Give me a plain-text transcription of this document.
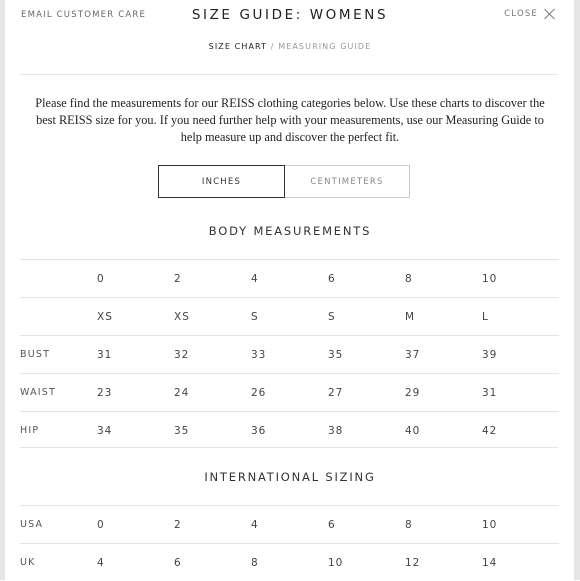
EMAIL CUSTOMER CARE	SIZE GUIDE: WOMENS	CLOSE
SIZE CHART / MEASURING GUIDE
Please find the measurements for our REISS clothing categories below. Use these charts to discover the best REISS size for you. If you need further help with your measurements, use our Measuring Guide to help measure up and discover the perfect fit.
INCHES	CENTIMETERS
BODY MEASUREMENTS
	0	2	4	6	8	10
	XS	XS	S	S	M	L
BUST	31	32	33	35	37	39
WAIST	23	24	26	27	29	31
HIP	34	35	36	38	40	42
INTERNATIONAL SIZING
USA	0	2	4	6	8	10
UK	4	6	8	10	12	14
